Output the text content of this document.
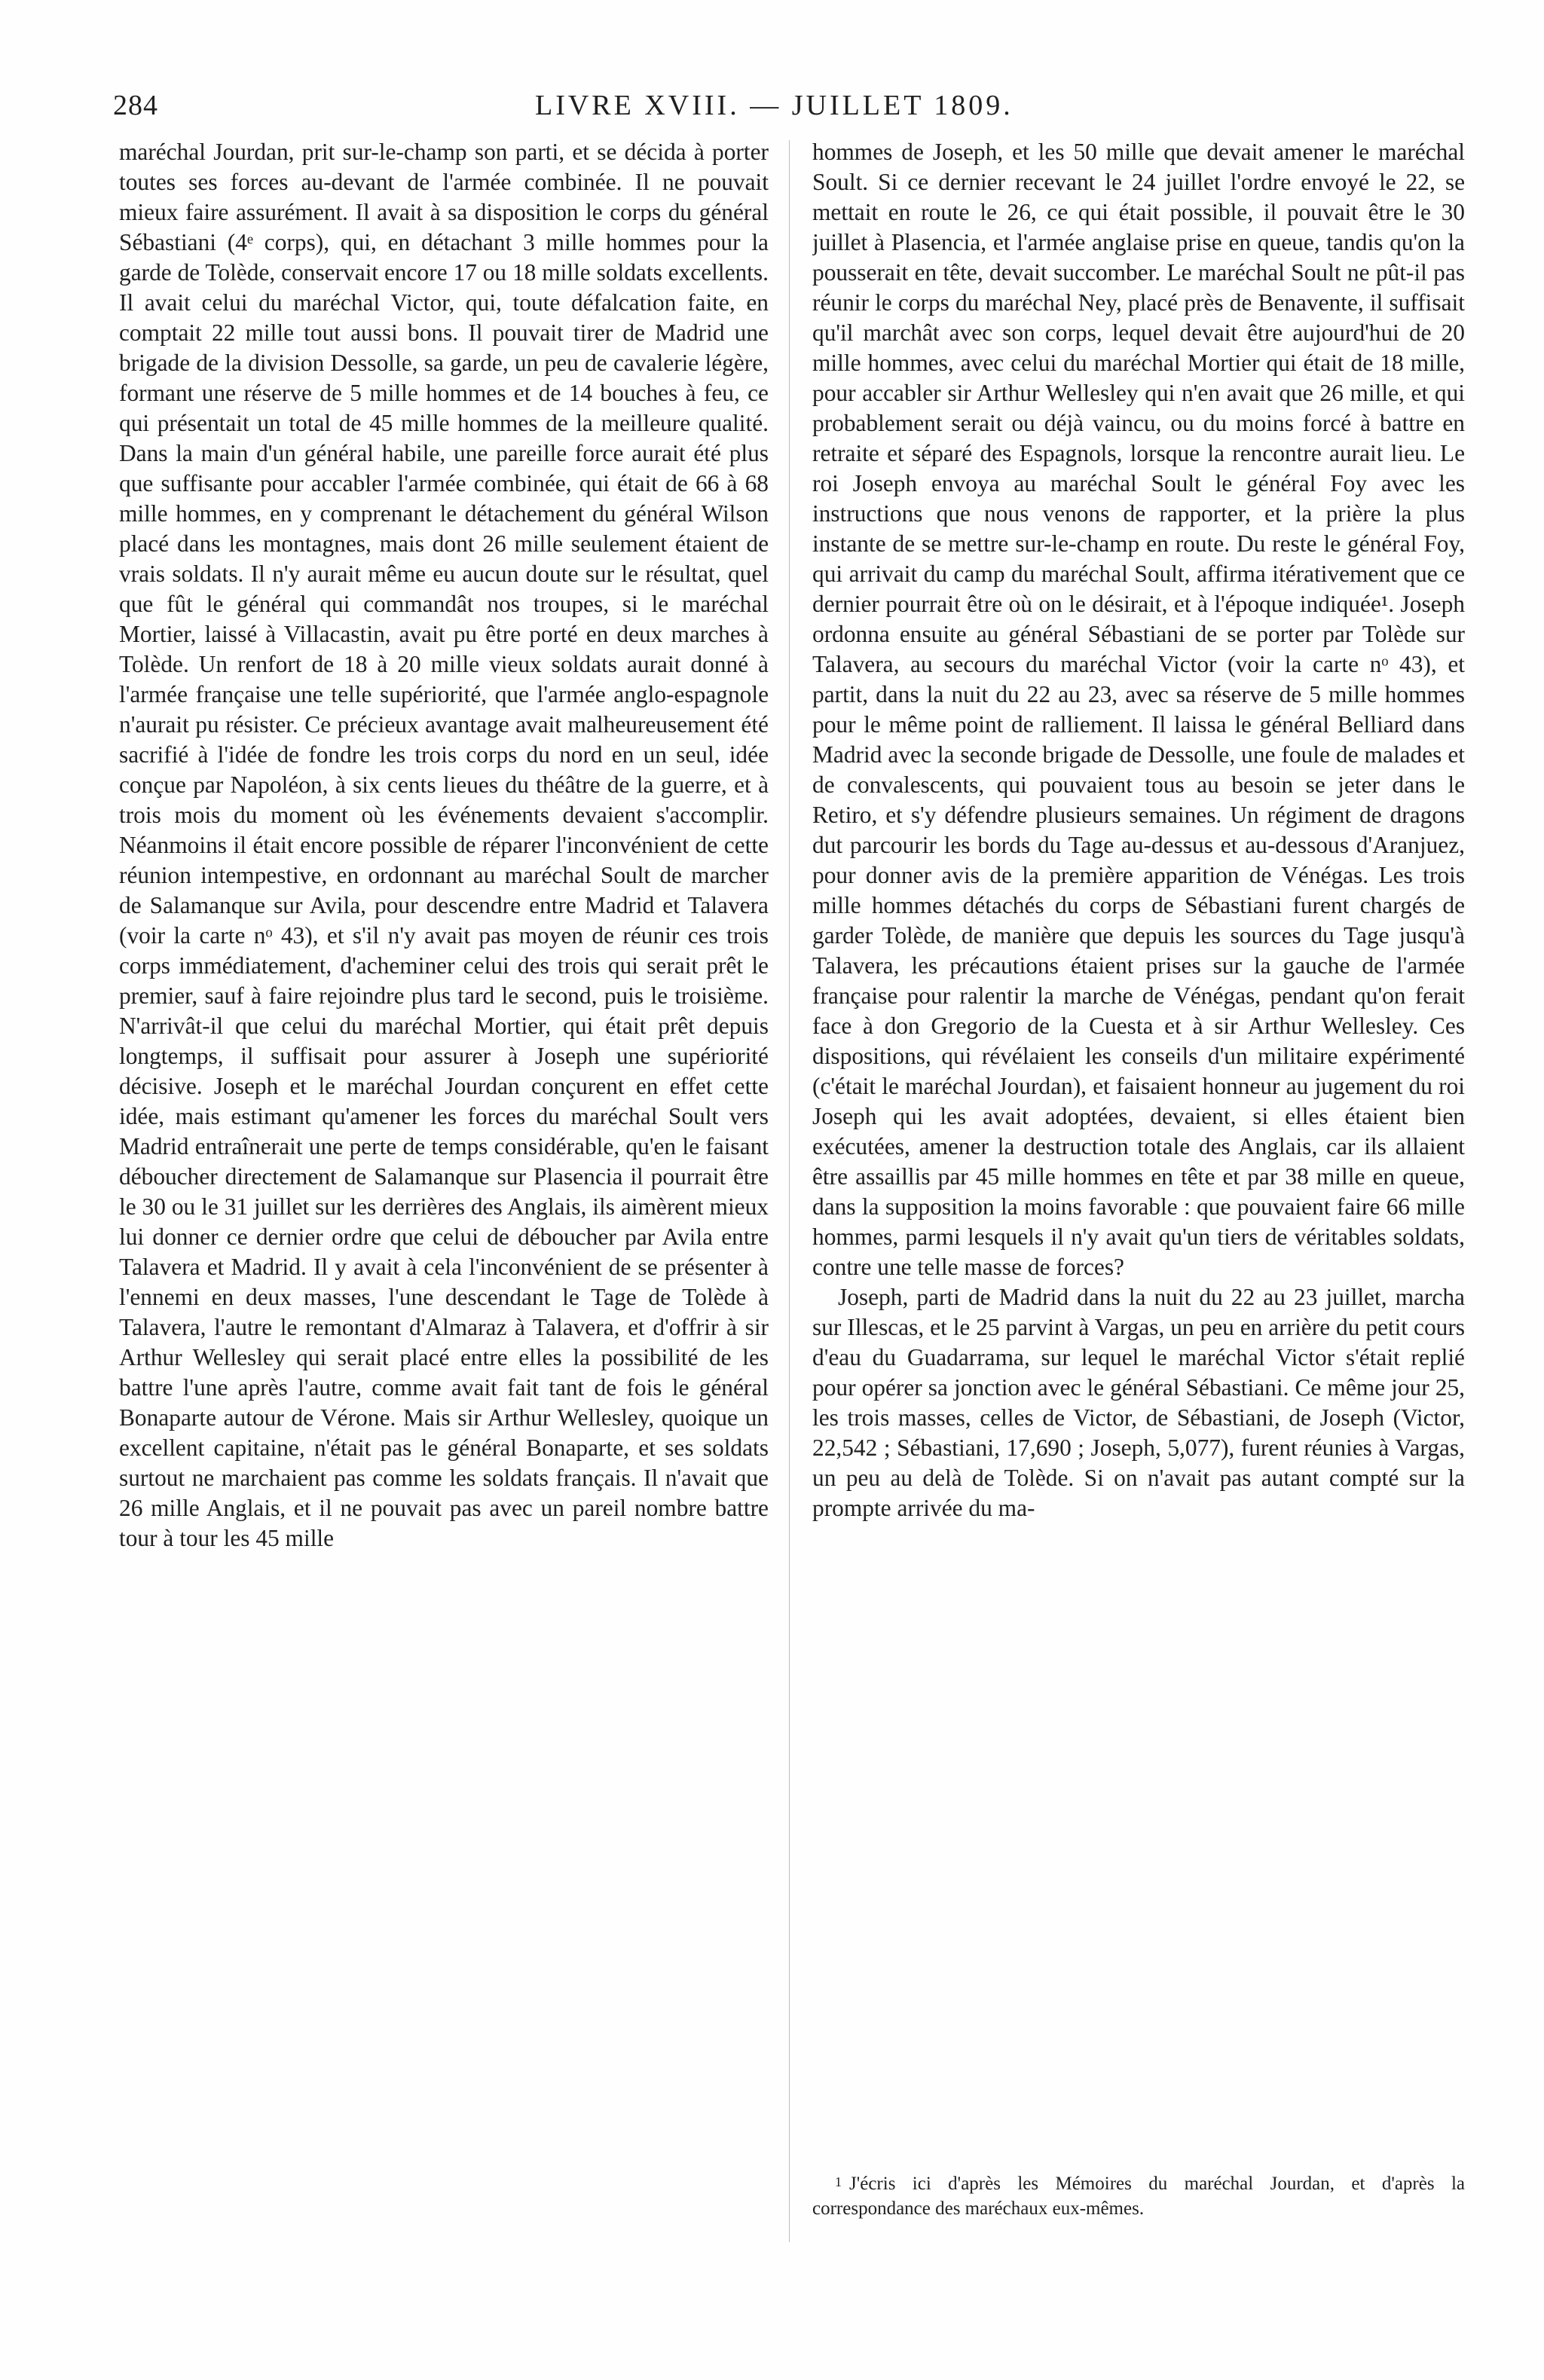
284	LIVRE XVIII. — JUILLET 1809.

maréchal Jourdan, prit sur-le-champ son parti, et se décida à porter toutes ses forces au-devant de l'armée combinée. Il ne pouvait mieux faire assurément. Il avait à sa disposition le corps du général Sébastiani (4ᵉ corps), qui, en détachant 3 mille hommes pour la garde de Tolède, conservait encore 17 ou 18 mille soldats excellents. Il avait celui du maréchal Victor, qui, toute défalcation faite, en comptait 22 mille tout aussi bons. Il pouvait tirer de Madrid une brigade de la division Dessolle, sa garde, un peu de cavalerie légère, formant une réserve de 5 mille hommes et de 14 bouches à feu, ce qui présentait un total de 45 mille hommes de la meilleure qualité. Dans la main d'un général habile, une pareille force aurait été plus que suffisante pour accabler l'armée combinée, qui était de 66 à 68 mille hommes, en y comprenant le détachement du général Wilson placé dans les montagnes, mais dont 26 mille seulement étaient de vrais soldats. Il n'y aurait même eu aucun doute sur le résultat, quel que fût le général qui commandât nos troupes, si le maréchal Mortier, laissé à Villacastin, avait pu être porté en deux marches à Tolède. Un renfort de 18 à 20 mille vieux soldats aurait donné à l'armée française une telle supériorité, que l'armée anglo-espagnole n'aurait pu résister. Ce précieux avantage avait malheureusement été sacrifié à l'idée de fondre les trois corps du nord en un seul, idée conçue par Napoléon, à six cents lieues du théâtre de la guerre, et à trois mois du moment où les événements devaient s'accomplir. Néanmoins il était encore possible de réparer l'inconvénient de cette réunion intempestive, en ordonnant au maréchal Soult de marcher de Salamanque sur Avila, pour descendre entre Madrid et Talavera (voir la carte nᵒ 43), et s'il n'y avait pas moyen de réunir ces trois corps immédiatement, d'acheminer celui des trois qui serait prêt le premier, sauf à faire rejoindre plus tard le second, puis le troisième. N'arrivât-il que celui du maréchal Mortier, qui était prêt depuis longtemps, il suffisait pour assurer à Joseph une supériorité décisive. Joseph et le maréchal Jourdan conçurent en effet cette idée, mais estimant qu'amener les forces du maréchal Soult vers Madrid entraînerait une perte de temps considérable, qu'en le faisant déboucher directement de Salamanque sur Plasencia il pourrait être le 30 ou le 31 juillet sur les derrières des Anglais, ils aimèrent mieux lui donner ce dernier ordre que celui de déboucher par Avila entre Talavera et Madrid. Il y avait à cela l'inconvénient de se présenter à l'ennemi en deux masses, l'une descendant le Tage de Tolède à Talavera, l'autre le remontant d'Almaraz à Talavera, et d'offrir à sir Arthur Wellesley qui serait placé entre elles la possibilité de les battre l'une après l'autre, comme avait fait tant de fois le général Bonaparte autour de Vérone. Mais sir Arthur Wellesley, quoique un excellent capitaine, n'était pas le général Bonaparte, et ses soldats surtout ne marchaient pas comme les soldats français. Il n'avait que 26 mille Anglais, et il ne pouvait pas avec un pareil nombre battre tour à tour les 45 mille

hommes de Joseph, et les 50 mille que devait amener le maréchal Soult. Si ce dernier recevant le 24 juillet l'ordre envoyé le 22, se mettait en route le 26, ce qui était possible, il pouvait être le 30 juillet à Plasencia, et l'armée anglaise prise en queue, tandis qu'on la pousserait en tête, devait succomber. Le maréchal Soult ne pût-il pas réunir le corps du maréchal Ney, placé près de Benavente, il suffisait qu'il marchât avec son corps, lequel devait être aujourd'hui de 20 mille hommes, avec celui du maréchal Mortier qui était de 18 mille, pour accabler sir Arthur Wellesley qui n'en avait que 26 mille, et qui probablement serait ou déjà vaincu, ou du moins forcé à battre en retraite et séparé des Espagnols, lorsque la rencontre aurait lieu. Le roi Joseph envoya au maréchal Soult le général Foy avec les instructions que nous venons de rapporter, et la prière la plus instante de se mettre sur-le-champ en route. Du reste le général Foy, qui arrivait du camp du maréchal Soult, affirma itérativement que ce dernier pourrait être où on le désirait, et à l'époque indiquée¹. Joseph ordonna ensuite au général Sébastiani de se porter par Tolède sur Talavera, au secours du maréchal Victor (voir la carte nᵒ 43), et partit, dans la nuit du 22 au 23, avec sa réserve de 5 mille hommes pour le même point de ralliement. Il laissa le général Belliard dans Madrid avec la seconde brigade de Dessolle, une foule de malades et de convalescents, qui pouvaient tous au besoin se jeter dans le Retiro, et s'y défendre plusieurs semaines. Un régiment de dragons dut parcourir les bords du Tage au-dessus et au-dessous d'Aranjuez, pour donner avis de la première apparition de Vénégas. Les trois mille hommes détachés du corps de Sébastiani furent chargés de garder Tolède, de manière que depuis les sources du Tage jusqu'à Talavera, les précautions étaient prises sur la gauche de l'armée française pour ralentir la marche de Vénégas, pendant qu'on ferait face à don Gregorio de la Cuesta et à sir Arthur Wellesley. Ces dispositions, qui révélaient les conseils d'un militaire expérimenté (c'était le maréchal Jourdan), et faisaient honneur au jugement du roi Joseph qui les avait adoptées, devaient, si elles étaient bien exécutées, amener la destruction totale des Anglais, car ils allaient être assaillis par 45 mille hommes en tête et par 38 mille en queue, dans la supposition la moins favorable : que pouvaient faire 66 mille hommes, parmi lesquels il n'y avait qu'un tiers de véritables soldats, contre une telle masse de forces?

Joseph, parti de Madrid dans la nuit du 22 au 23 juillet, marcha sur Illescas, et le 25 parvint à Vargas, un peu en arrière du petit cours d'eau du Guadarrama, sur lequel le maréchal Victor s'était replié pour opérer sa jonction avec le général Sébastiani. Ce même jour 25, les trois masses, celles de Victor, de Sébastiani, de Joseph (Victor, 22,542 ; Sébastiani, 17,690 ; Joseph, 5,077), furent réunies à Vargas, un peu au delà de Tolède. Si on n'avait pas autant compté sur la prompte arrivée du ma-

1 J'écris ici d'après les Mémoires du maréchal Jourdan, et d'après la correspondance des maréchaux eux-mêmes.
